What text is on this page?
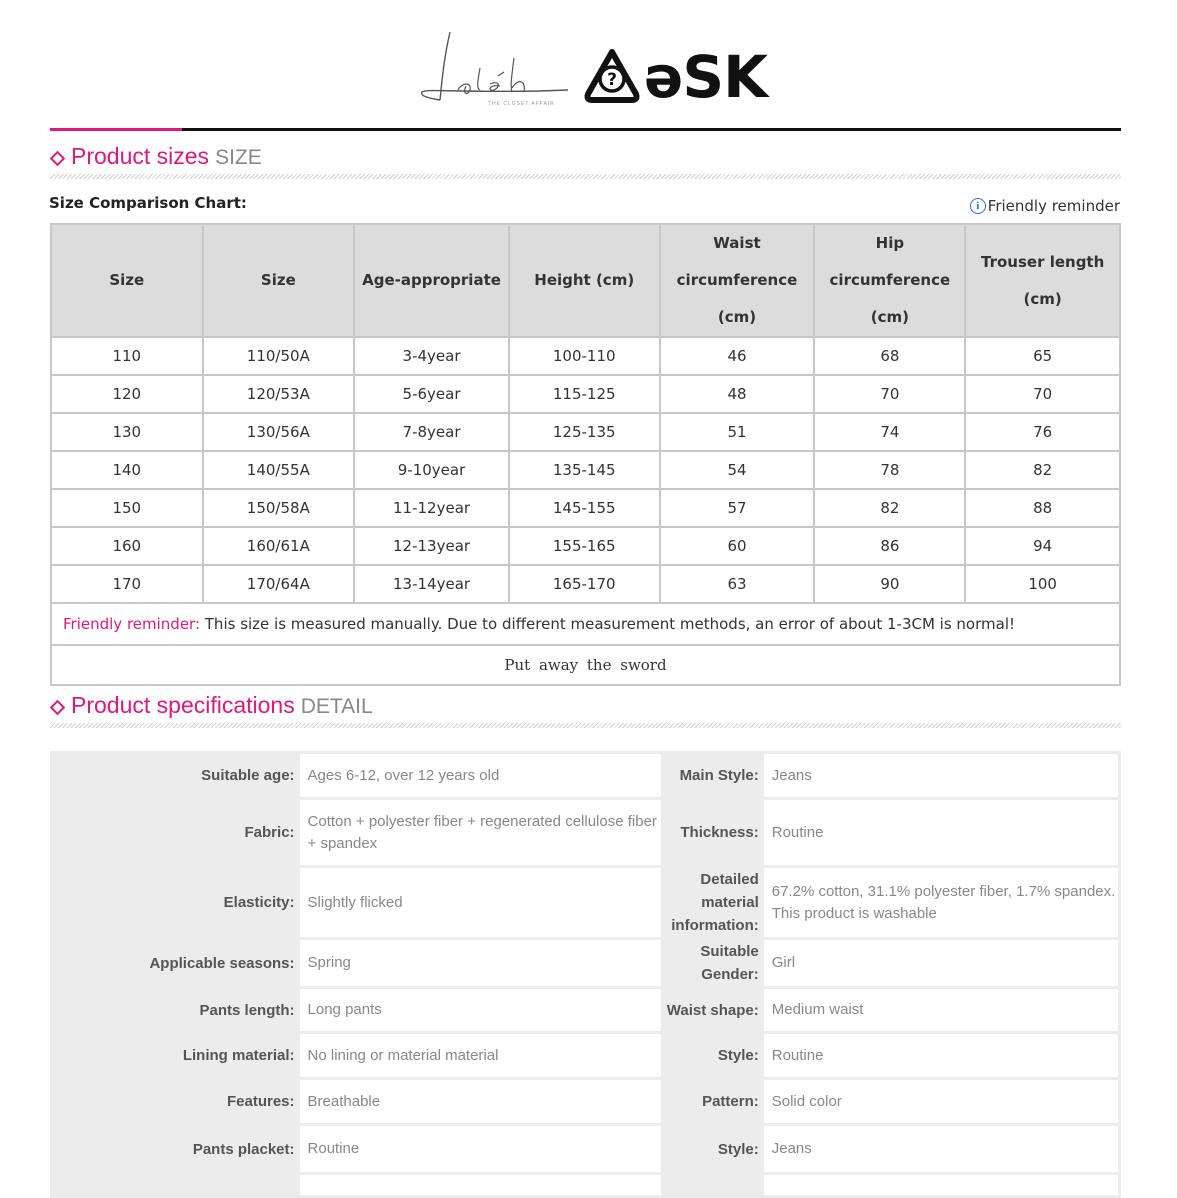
THE CLOSET AFFAIR
? əSK
Product sizes SIZE
Size Comparison Chart:	i Friendly reminder
Size	Size	Age-appropriate	Height (cm)	Waist circumference (cm)	Hip circumference (cm)	Trouser length (cm)
110	110/50A	3-4year	100-110	46	68	65
120	120/53A	5-6year	115-125	48	70	70
130	130/56A	7-8year	125-135	51	74	76
140	140/55A	9-10year	135-145	54	78	82
150	150/58A	11-12year	145-155	57	82	88
160	160/61A	12-13year	155-165	60	86	94
170	170/64A	13-14year	165-170	63	90	100
Friendly reminder: This size is measured manually. Due to different measurement methods, an error of about 1-3CM is normal!						
Put away the sword						
Product specifications DETAIL
Suitable age:	Ages 6-12, over 12 years old	Main Style:	Jeans
Fabric:	Cotton + polyester fiber + regenerated cellulose fiber + spandex	Thickness:	Routine
Elasticity:	Slightly flicked	Detailed material information:	67.2% cotton, 31.1% polyester fiber, 1.7% spandex. This product is washable
Applicable seasons:	Spring	Suitable Gender:	Girl
Pants length:	Long pants	Waist shape:	Medium waist
Lining material:	No lining or material material	Style:	Routine
Features:	Breathable	Pattern:	Solid color
Pants placket:	Routine	Style:	Jeans
